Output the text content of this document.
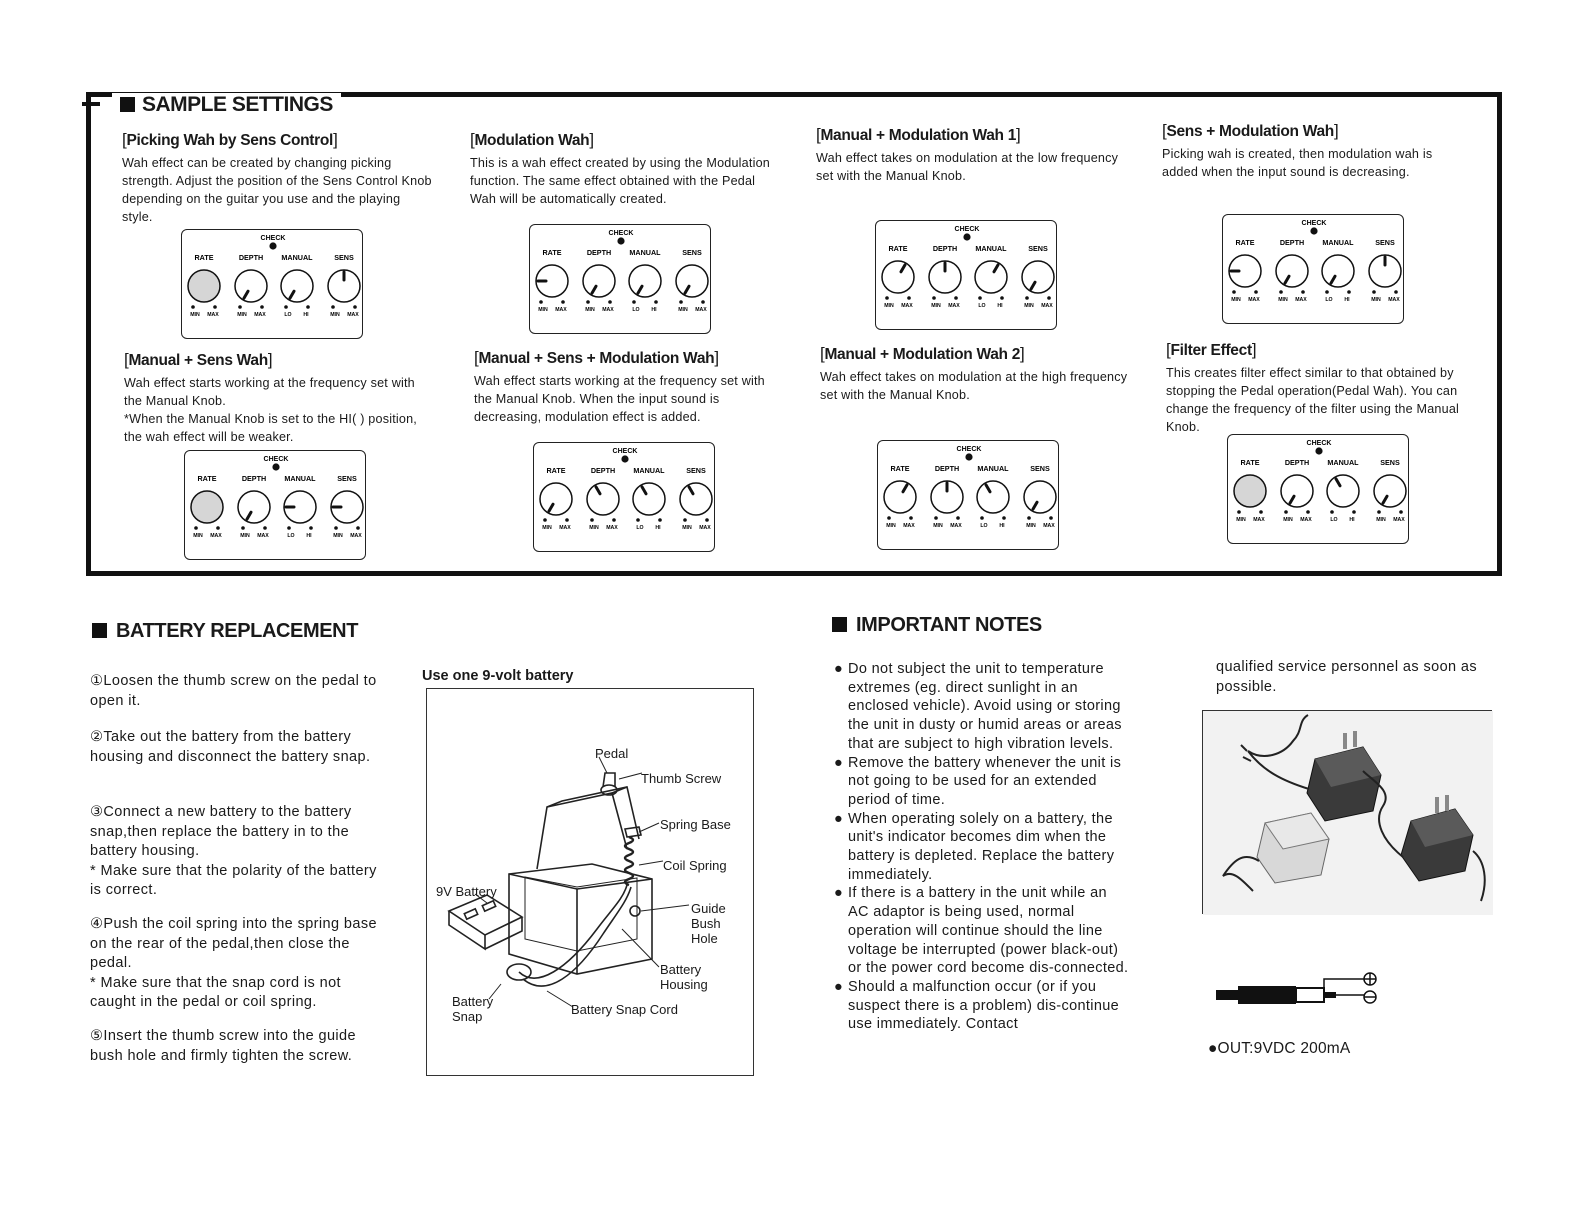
SAMPLE SETTINGS
[Picking Wah by Sens Control]

Wah effect can be created by changing picking strength. Adjust the position of the Sens Control Knob depending on the guitar you use and the playing style.

[Modulation Wah]

This is a wah effect created by using the Modulation function. The same effect obtained with the Pedal Wah will be automatically created.

[Manual + Modulation Wah 1]

Wah effect takes on modulation at the low frequency set with the Manual Knob.

[Sens + Modulation Wah]

Picking wah is created, then modulation wah is added when the input sound is decreasing.

[Manual + Sens Wah]

Wah effect starts working at the frequency set with the Manual Knob.

*When the Manual Knob is set to the HI( ) position, the wah effect will be weaker.

[Manual + Sens + Modulation Wah]

Wah effect starts working at the frequency set with the Manual Knob. When the input sound is decreasing, modulation effect is added.

[Manual + Modulation Wah 2]

Wah effect takes on modulation at the high frequency set with the Manual Knob.

[Filter Effect]

This creates filter effect similar to that obtained by stopping the Pedal operation(Pedal Wah). You can change the frequency of the filter using the Manual Knob.

CHECK
RATE
MIN MAX
DEPTH
MIN MAX
MANUAL
LO HI
SENS
MIN MAX
CHECK
RATE
MIN MAX
DEPTH
MIN MAX
MANUAL
LO HI
SENS
MIN MAX
CHECK
RATE
MIN MAX
DEPTH
MIN MAX
MANUAL
LO HI
SENS
MIN MAX
CHECK
RATE
MIN MAX
DEPTH
MIN MAX
MANUAL
LO HI
SENS
MIN MAX
CHECK
RATE
MIN MAX
DEPTH
MIN MAX
MANUAL
LO HI
SENS
MIN MAX
CHECK
RATE
MIN MAX
DEPTH
MIN MAX
MANUAL
LO HI
SENS
MIN MAX
CHECK
RATE
MIN MAX
DEPTH
MIN MAX
MANUAL
LO HI
SENS
MIN MAX
CHECK
RATE
MIN MAX
DEPTH
MIN MAX
MANUAL
LO HI
SENS
MIN MAX
BATTERY REPLACEMENT
①Loosen the thumb screw on the pedal to open it.
②Take out the battery from the battery housing and disconnect the battery snap.
③Connect a new battery to the battery snap,then replace the battery in to the battery housing.
* Make sure that the polarity of the battery is correct.
④Push the coil spring into the spring base on the rear of the pedal,then close the pedal.
* Make sure that the snap cord is not caught in the pedal or coil spring.
⑤Insert the thumb screw into the guide bush hole and firmly tighten the screw.
Use one 9-volt battery
Pedal
Thumb Screw
Spring Base
Coil Spring
9V Battery
Guide
Bush
Hole
Battery
Housing
Battery
Snap	Battery Snap Cord
IMPORTANT NOTES

● Do not subject the unit to temperature extremes (eg. direct sunlight in an enclosed vehicle). Avoid using or storing the unit in dusty or humid areas or areas that are subject to high vibration levels.

● Remove the battery whenever the unit is not going to be used for an extended period of time.

● When operating solely on a battery, the unit's indicator becomes dim when the battery is depleted. Replace the battery immediately.

● If there is a battery in the unit while an AC adaptor is being used, normal operation will continue should the line voltage be interrupted (power black-out) or the power cord become dis-connected.

● Should a malfunction occur (or if you suspect there is a problem) dis-continue use immediately. Contact

qualified service personnel as soon as possible.
●OUT:9VDC 200mA
